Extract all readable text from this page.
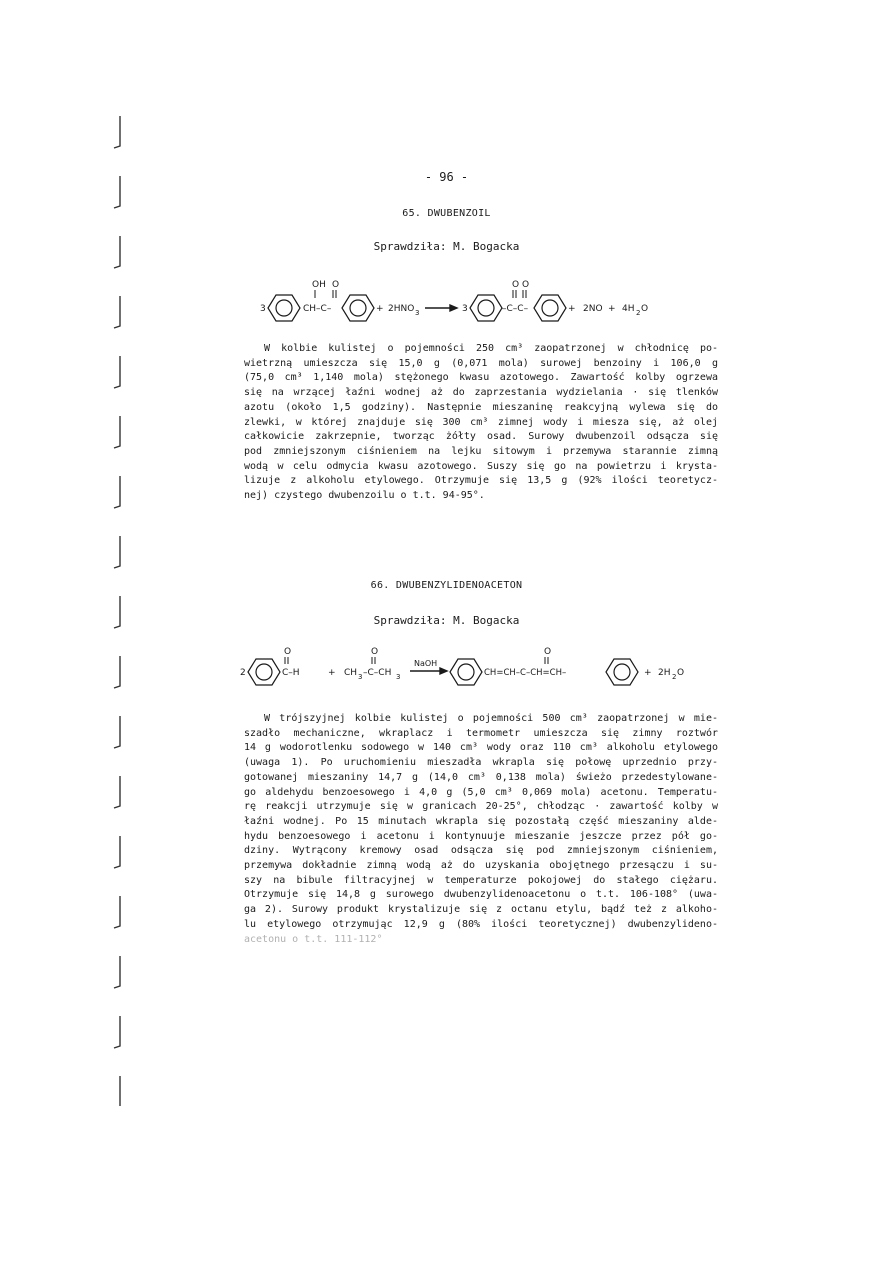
- 96 -
65. DWUBENZOIL
Sprawdziła: M. Bogacka
3
OH O
CH–C–	+ 2HNO 3	3
O O
–C–C–	+ 2NO + 4H 2 O

W kolbie kulistej o pojemności 250 cm³ zaopatrzonej w chłodnicę po-
wietrzną umieszcza się 15,0 g (0,071 mola) surowej benzoiny i 106,0 g
(75,0 cm³ 1,140 mola) stężonego kwasu azotowego. Zawartość kolby ogrzewa
się na wrzącej łaźni wodnej aż do zaprzestania wydzielania · się tlenków
azotu (około 1,5 godziny). Następnie mieszaninę reakcyjną wylewa się do
zlewki, w której znajduje się 300 cm³ zimnej wody i miesza się, aż olej
całkowicie zakrzepnie, tworząc żółty osad. Surowy dwubenzoil odsącza się
pod zmniejszonym ciśnieniem na lejku sitowym i przemywa starannie zimną
wodą w celu odmycia kwasu azotowego. Suszy się go na powietrzu i krysta-
lizuje z alkoholu etylowego. Otrzymuje się 13,5 g (92% ilości teoretycz-
nej) czystego dwubenzoilu o t.t. 94-95°.

66. DWUBENZYLIDENOACETON
Sprawdziła: M. Bogacka
2
O
C–H	+ CH 3 –C–CH 3
O
NaOH
CH=CH–C–CH=CH–
O
+ 2H 2 O

W trójszyjnej kolbie kulistej o pojemności 500 cm³ zaopatrzonej w mie-
szadło mechaniczne, wkraplacz i termometr umieszcza się zimny roztwór
14 g wodorotlenku sodowego w 140 cm³ wody oraz 110 cm³ alkoholu etylowego
(uwaga 1). Po uruchomieniu mieszadła wkrapla się połowę uprzednio przy-
gotowanej mieszaniny 14,7 g (14,0 cm³ 0,138 mola) świeżo przedestylowane-
go aldehydu benzoesowego i 4,0 g (5,0 cm³ 0,069 mola) acetonu. Temperatu-
rę reakcji utrzymuje się w granicach 20-25°, chłodząc · zawartość kolby w
łaźni wodnej. Po 15 minutach wkrapla się pozostałą część mieszaniny alde-
hydu benzoesowego i acetonu i kontynuuje mieszanie jeszcze przez pół go-
dziny. Wytrącony kremowy osad odsącza się pod zmniejszonym ciśnieniem,
przemywa dokładnie zimną wodą aż do uzyskania obojętnego przesączu i su-
szy na bibule filtracyjnej w temperaturze pokojowej do stałego ciężaru.
Otrzymuje się 14,8 g surowego dwubenzylidenoacetonu o t.t. 106-108° (uwa-
ga 2). Surowy produkt krystalizuje się z octanu etylu, bądź też z alkoho-
lu etylowego otrzymując 12,9 g (80% ilości teoretycznej) dwubenzylideno-
acetonu o t.t. 111-112°
